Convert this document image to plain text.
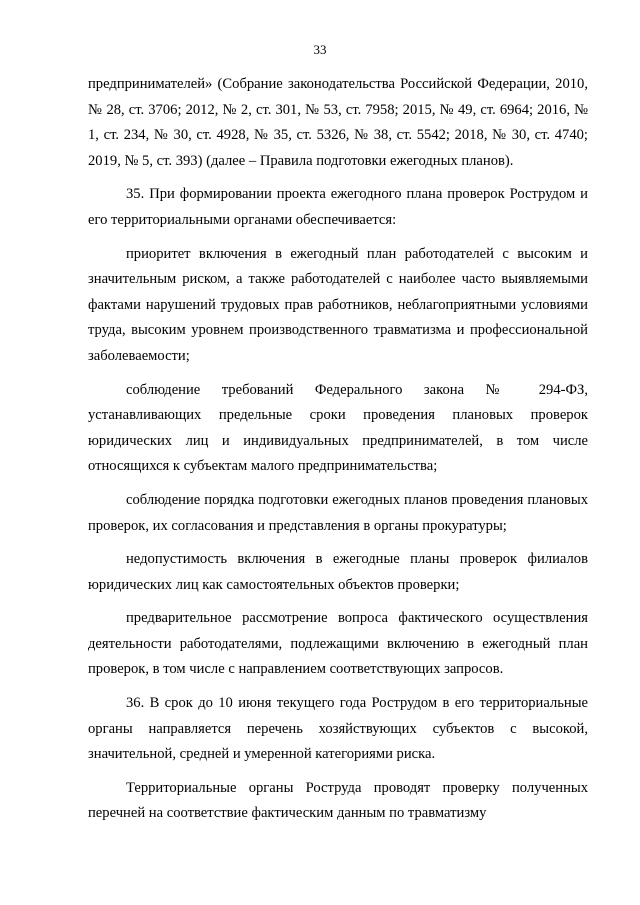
33

предпринимателей» (Собрание законодательства Российской Федерации, 2010, № 28, ст. 3706; 2012, № 2, ст. 301, № 53, ст. 7958; 2015, № 49, ст. 6964; 2016, № 1, ст. 234, № 30, ст. 4928, № 35, ст. 5326, № 38, ст. 5542; 2018, № 30, ст. 4740; 2019, № 5, ст. 393) (далее – Правила подготовки ежегодных планов).

35. При формировании проекта ежегодного плана проверок Рострудом и его территориальными органами обеспечивается:

приоритет включения в ежегодный план работодателей с высоким и значительным риском, а также работодателей с наиболее часто выявляемыми фактами нарушений трудовых прав работников, неблагоприятными условиями труда, высоким уровнем производственного травматизма и профессиональной заболеваемости;

соблюдение требований Федерального закона № 294-ФЗ, устанавливающих предельные сроки проведения плановых проверок юридических лиц и индивидуальных предпринимателей, в том числе относящихся к субъектам малого предпринимательства;

соблюдение порядка подготовки ежегодных планов проведения плановых проверок, их согласования и представления в органы прокуратуры;

недопустимость включения в ежегодные планы проверок филиалов юридических лиц как самостоятельных объектов проверки;

предварительное рассмотрение вопроса фактического осуществления деятельности работодателями, подлежащими включению в ежегодный план проверок, в том числе с направлением соответствующих запросов.

36. В срок до 10 июня текущего года Рострудом в его территориальные органы направляется перечень хозяйствующих субъектов с высокой, значительной, средней и умеренной категориями риска.

Территориальные органы Роструда проводят проверку полученных перечней на соответствие фактическим данным по травматизму
